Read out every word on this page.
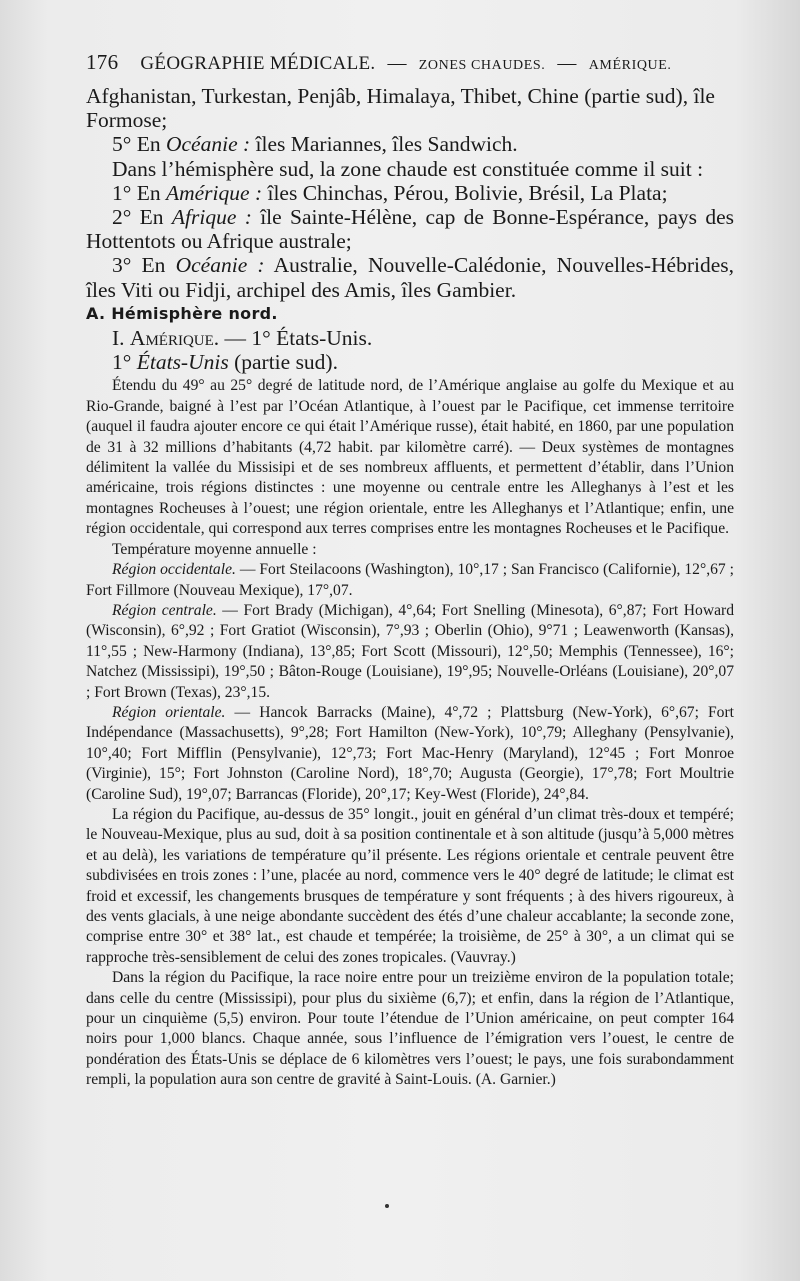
176 GÉOGRAPHIE MÉDICALE. — ZONES CHAUDES. — AMÉRIQUE.

Afghanistan, Turkestan, Penjâb, Himalaya, Thibet, Chine (partie sud), île Formose;

5° En Océanie : îles Mariannes, îles Sandwich.

Dans l’hémisphère sud, la zone chaude est constituée comme il suit :

1° En Amérique : îles Chinchas, Pérou, Bolivie, Brésil, La Plata;

2° En Afrique : île Sainte-Hélène, cap de Bonne-Espérance, pays des Hottentots ou Afrique australe;

3° En Océanie : Australie, Nouvelle-Calédonie, Nouvelles-Hébrides, îles Viti ou Fidji, archipel des Amis, îles Gambier.

A. Hémisphère nord.

I. Amérique. — 1° États-Unis.

1° États-Unis (partie sud).

Étendu du 49° au 25° degré de latitude nord, de l’Amérique anglaise au golfe du Mexique et au Rio-Grande, baigné à l’est par l’Océan Atlantique, à l’ouest par le Pacifique, cet immense territoire (auquel il faudra ajouter encore ce qui était l’Amérique russe), était habité, en 1860, par une population de 31 à 32 millions d’habitants (4,72 habit. par kilomètre carré). — Deux systèmes de montagnes délimitent la vallée du Missisipi et de ses nombreux affluents, et permettent d’établir, dans l’Union américaine, trois régions distinctes : une moyenne ou centrale entre les Alleghanys à l’est et les montagnes Rocheuses à l’ouest; une région orientale, entre les Alleghanys et l’Atlantique; enfin, une région occidentale, qui correspond aux terres comprises entre les montagnes Rocheuses et le Pacifique.

Température moyenne annuelle :

Région occidentale. — Fort Steilacoons (Washington), 10°,17 ; San Francisco (Californie), 12°,67 ; Fort Fillmore (Nouveau Mexique), 17°,07.

Région centrale. — Fort Brady (Michigan), 4°,64; Fort Snelling (Minesota), 6°,87; Fort Howard (Wisconsin), 6°,92 ; Fort Gratiot (Wisconsin), 7°,93 ; Oberlin (Ohio), 9°71 ; Leawenworth (Kansas), 11°,55 ; New-Harmony (Indiana), 13°,85; Fort Scott (Missouri), 12°,50; Memphis (Tennessee), 16°; Natchez (Mississipi), 19°,50 ; Bâton-Rouge (Louisiane), 19°,95; Nouvelle-Orléans (Louisiane), 20°,07 ; Fort Brown (Texas), 23°,15.

Région orientale. — Hancok Barracks (Maine), 4°,72 ; Plattsburg (New-York), 6°,67; Fort Indépendance (Massachusetts), 9°,28; Fort Hamilton (New-York), 10°,79; Alleghany (Pensylvanie), 10°,40; Fort Mifflin (Pensylvanie), 12°,73; Fort Mac-Henry (Maryland), 12°45 ; Fort Monroe (Virginie), 15°; Fort Johnston (Caroline Nord), 18°,70; Augusta (Georgie), 17°,78; Fort Moultrie (Caroline Sud), 19°,07; Barrancas (Floride), 20°,17; Key-West (Floride), 24°,84.

La région du Pacifique, au-dessus de 35° longit., jouit en général d’un climat très-doux et tempéré; le Nouveau-Mexique, plus au sud, doit à sa position continentale et à son altitude (jusqu’à 5,000 mètres et au delà), les variations de température qu’il présente. Les régions orientale et centrale peuvent être subdivisées en trois zones : l’une, placée au nord, commence vers le 40° degré de latitude; le climat est froid et excessif, les changements brusques de température y sont fréquents ; à des hivers rigoureux, à des vents glacials, à une neige abondante succèdent des étés d’une chaleur accablante; la seconde zone, comprise entre 30° et 38° lat., est chaude et tempérée; la troisième, de 25° à 30°, a un climat qui se rapproche très-sensiblement de celui des zones tropicales. (Vauvray.)

Dans la région du Pacifique, la race noire entre pour un treizième environ de la population totale; dans celle du centre (Mississipi), pour plus du sixième (6,7); et enfin, dans la région de l’Atlantique, pour un cinquième (5,5) environ. Pour toute l’étendue de l’Union américaine, on peut compter 164 noirs pour 1,000 blancs. Chaque année, sous l’influence de l’émigration vers l’ouest, le centre de pondération des États-Unis se déplace de 6 kilomètres vers l’ouest; le pays, une fois surabondamment rempli, la population aura son centre de gravité à Saint-Louis. (A. Garnier.)
